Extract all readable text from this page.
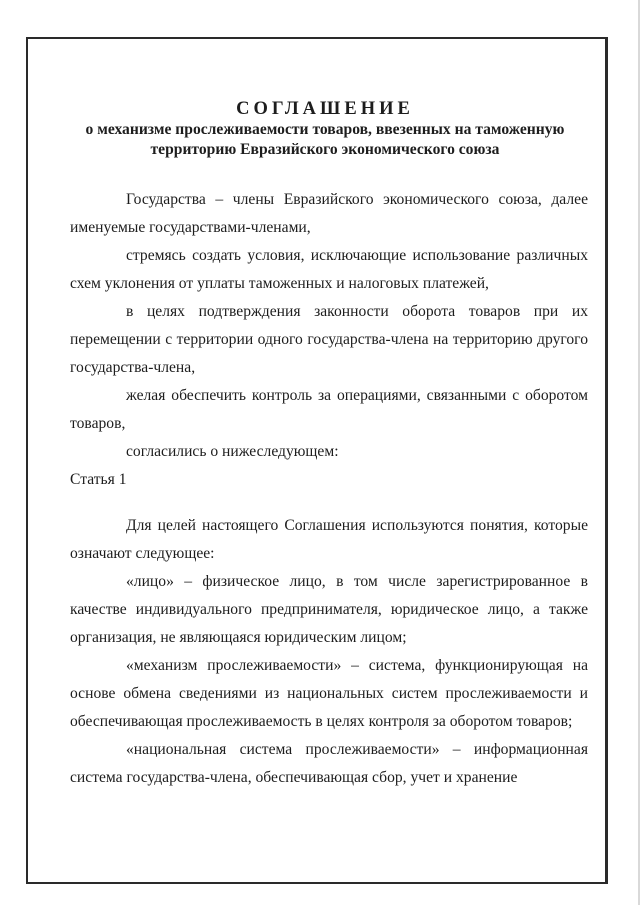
СОГЛАШЕНИЕ
о механизме прослеживаемости товаров, ввезенных на таможенную
территорию Евразийского экономического союза

Государства – члены Евразийского экономического союза, далее именуемые государствами-членами,

стремясь создать условия, исключающие использование различных схем уклонения от уплаты таможенных и налоговых платежей,

в целях подтверждения законности оборота товаров при их перемещении с территории одного государства-члена на территорию другого государства-члена,

желая обеспечить контроль за операциями, связанными с оборотом товаров,

согласились о нижеследующем:

Статья 1

Для целей настоящего Соглашения используются понятия, которые означают следующее:

«лицо» – физическое лицо, в том числе зарегистрированное в качестве индивидуального предпринимателя, юридическое лицо, а также организация, не являющаяся юридическим лицом;

«механизм прослеживаемости» – система, функционирующая на основе обмена сведениями из национальных систем прослеживаемости и обеспечивающая прослеживаемость в целях контроля за оборотом товаров;

«национальная система прослеживаемости» – информационная система государства-члена, обеспечивающая сбор, учет и хранение
